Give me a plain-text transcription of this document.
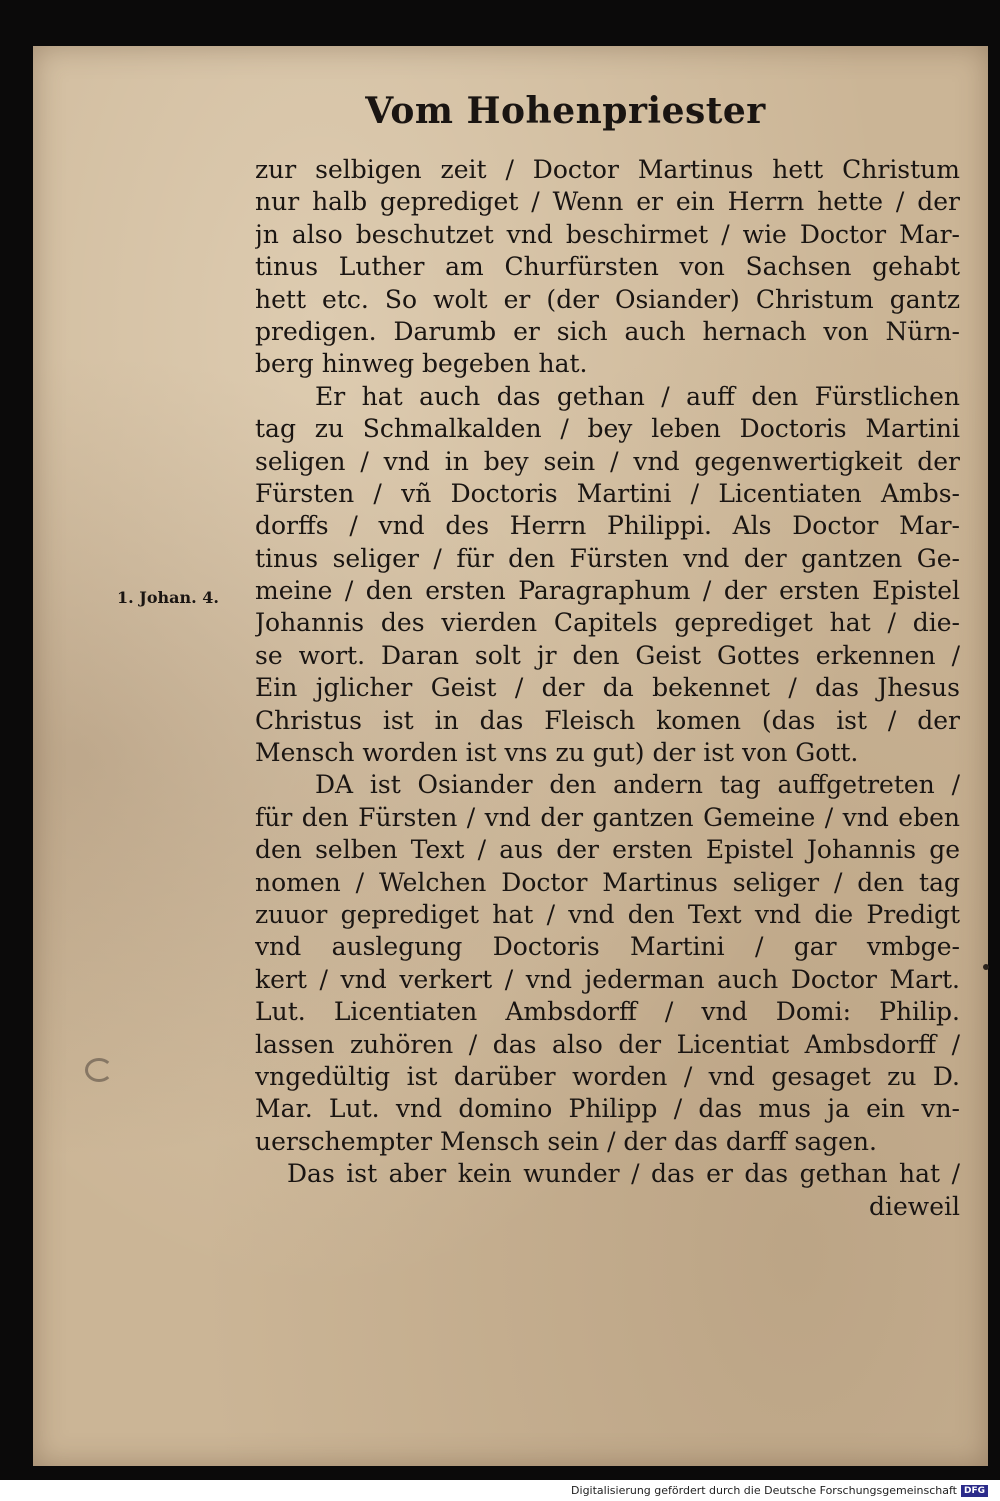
Vom Hohenpriester
1. Johan. 4.
zur selbigen zeit / Doctor Martinus hett Christum
nur halb geprediget / Wenn er ein Herrn hette / der
jn also beschutzet vnd beschirmet / wie Doctor Mar-
tinus Luther am Churfürsten von Sachsen gehabt
hett etc. So wolt er (der Osiander) Christum gantz
predigen. Darumb er sich auch hernach von Nürn-
berg hinweg begeben hat.
Er hat auch das gethan / auff den Fürstlichen
tag zu Schmalkalden / bey leben Doctoris Martini
seligen / vnd in bey sein / vnd gegenwertigkeit der
Fürsten / vñ Doctoris Martini / Licentiaten Ambs-
dorffs / vnd des Herrn Philippi. Als Doctor Mar-
tinus seliger / für den Fürsten vnd der gantzen Ge-
meine / den ersten Paragraphum / der ersten Epistel
Johannis des vierden Capitels geprediget hat / die-
se wort. Daran solt jr den Geist Gottes erkennen /
Ein jglicher Geist / der da bekennet / das Jhesus
Christus ist in das Fleisch komen (das ist / der
Mensch worden ist vns zu gut) der ist von Gott.
DA ist Osiander den andern tag auffgetreten /
für den Fürsten / vnd der gantzen Gemeine / vnd eben
den selben Text / aus der ersten Epistel Johannis ge
nomen / Welchen Doctor Martinus seliger / den tag
zuuor geprediget hat / vnd den Text vnd die Predigt
vnd auslegung Doctoris Martini / gar vmbge-
kert / vnd verkert / vnd jederman auch Doctor Mart.
Lut. Licentiaten Ambsdorff / vnd Domi: Philip.
lassen zuhören / das also der Licentiat Ambsdorff /
vngedültig ist darüber worden / vnd gesaget zu D.
Mar. Lut. vnd domino Philipp / das mus ja ein vn-
uerschempter Mensch sein / der das darff sagen.
Das ist aber kein wunder / das er das gethan hat /
dieweil
Digitalisierung gefördert durch die Deutsche Forschungsgemeinschaft DFG
